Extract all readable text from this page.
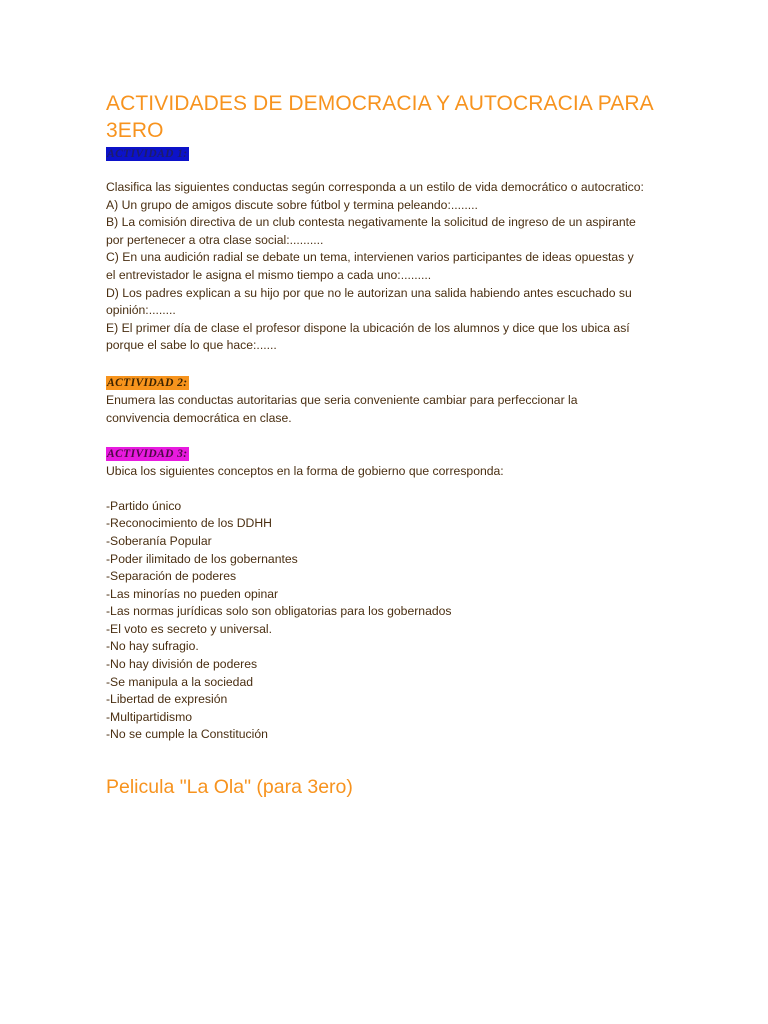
ACTIVIDADES DE DEMOCRACIA Y AUTOCRACIA PARA 3ERO
ACTIVIDAD 1:

Clasifica las siguientes conductas según corresponda a un estilo de vida democrático o autocratico:

A) Un grupo de amigos discute sobre fútbol y termina peleando:........

B) La comisión directiva de un club contesta negativamente la solicitud de ingreso de un aspirante

por pertenecer a otra clase social:..........

C) En una audición radial se debate un tema, intervienen varios participantes de ideas opuestas y

el entrevistador le asigna el mismo tiempo a cada uno:.........

D) Los padres explican a su hijo por que no le autorizan una salida habiendo antes escuchado su

opinión:........

E) El primer día de clase el profesor dispone la ubicación de los alumnos y dice que los ubica así

porque el sabe lo que hace:......

ACTIVIDAD 2:

Enumera las conductas autoritarias que seria conveniente cambiar para perfeccionar la

convivencia democrática en clase.

ACTIVIDAD 3:

Ubica los siguientes conceptos en la forma de gobierno que corresponda:

-Partido único
-Reconocimiento de los DDHH
-Soberanía Popular
-Poder ilimitado de los gobernantes
-Separación de poderes
-Las minorías no pueden opinar
-Las normas jurídicas solo son obligatorias para los gobernados
-El voto es secreto y universal.
-No hay sufragio.
-No hay división de poderes
-Se manipula a la sociedad
-Libertad de expresión
-Multipartidismo
-No se cumple la Constitución
Pelicula "La Ola" (para 3ero)
